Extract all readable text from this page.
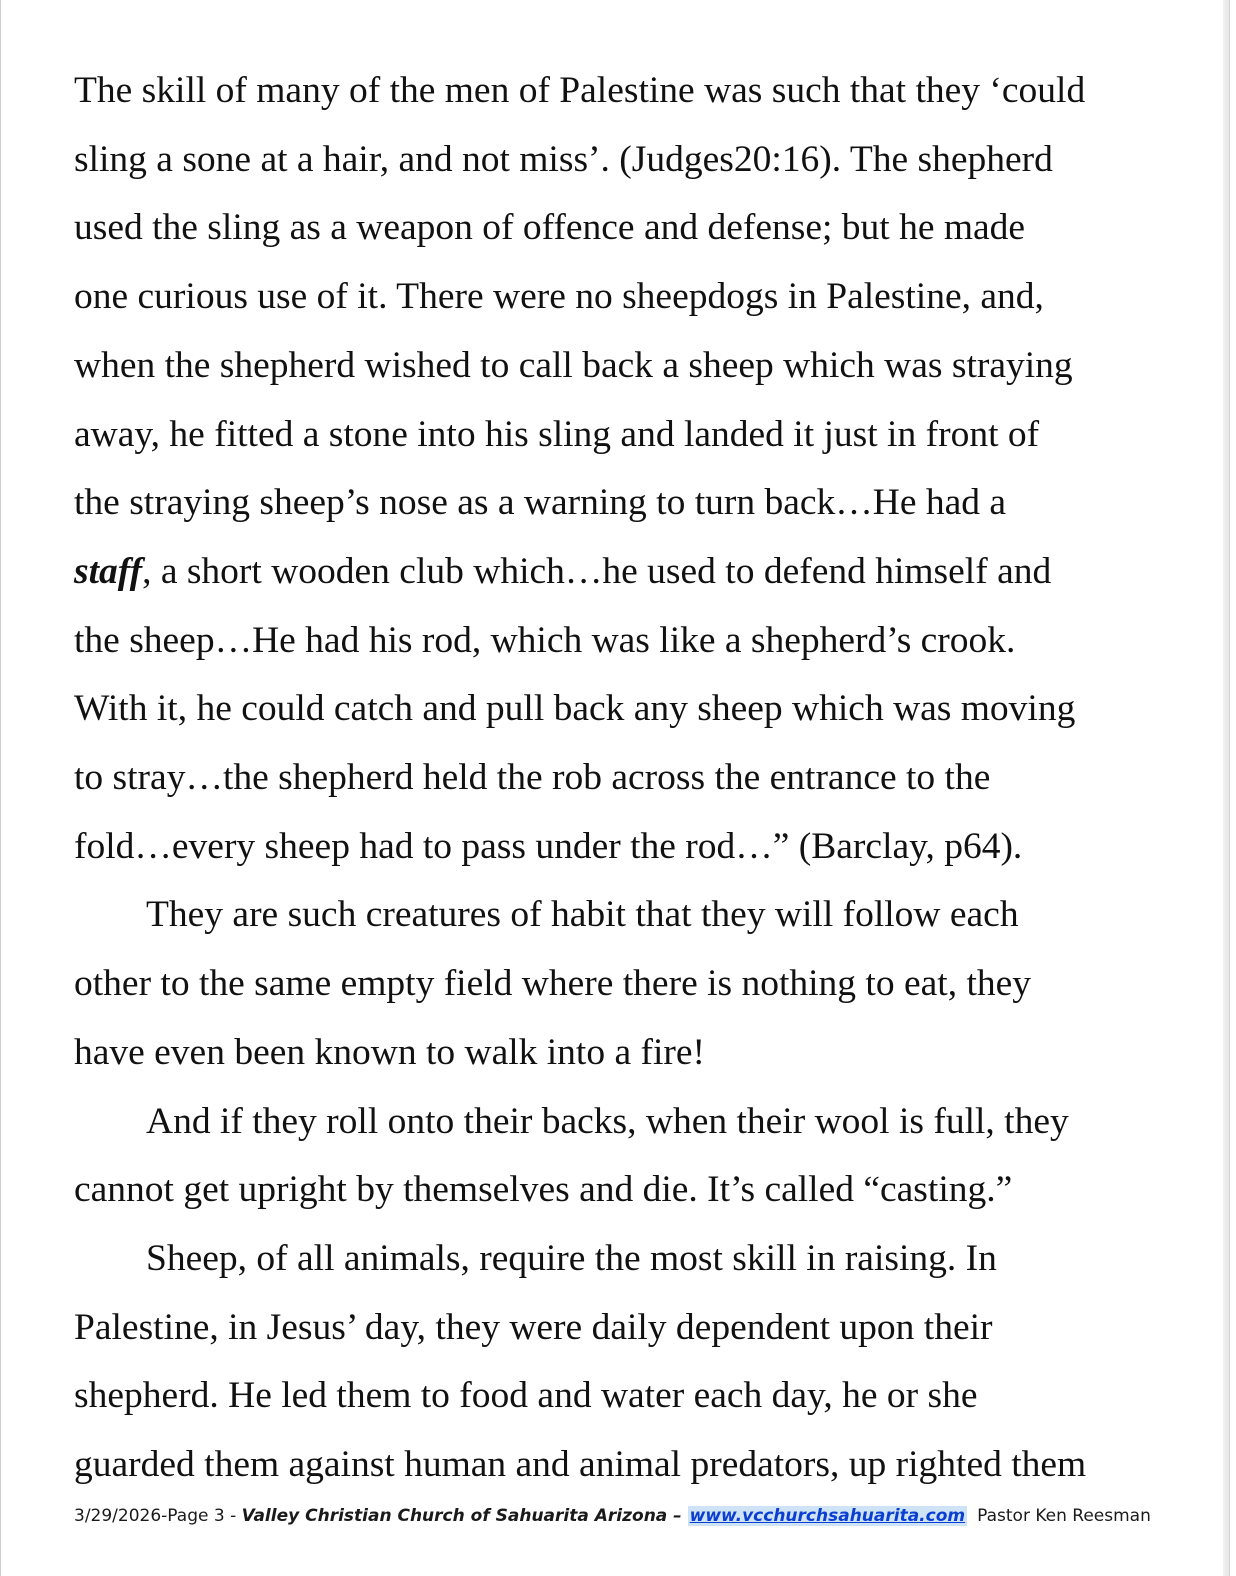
The skill of many of the men of Palestine was such that they ‘could
sling a sone at a hair, and not miss’. (Judges20:16). The shepherd
used the sling as a weapon of offence and defense; but he made
one curious use of it. There were no sheepdogs in Palestine, and,
when the shepherd wished to call back a sheep which was straying
away, he fitted a stone into his sling and landed it just in front of
the straying sheep’s nose as a warning to turn back…He had a
staff, a short wooden club which…he used to defend himself and
the sheep…He had his rod, which was like a shepherd’s crook.
With it, he could catch and pull back any sheep which was moving
to stray…the shepherd held the rob across the entrance to the
fold…every sheep had to pass under the rod…” (Barclay, p64).
They are such creatures of habit that they will follow each
other to the same empty field where there is nothing to eat, they
have even been known to walk into a fire!
And if they roll onto their backs, when their wool is full, they
cannot get upright by themselves and die. It’s called “casting.”
Sheep, of all animals, require the most skill in raising. In
Palestine, in Jesus’ day, they were daily dependent upon their
shepherd. He led them to food and water each day, he or she
guarded them against human and animal predators, up righted them
3/29/2026-Page 3 - Valley Christian Church of Sahuarita Arizona – www.vcchurchsahuarita.com Pastor Ken Reesman
